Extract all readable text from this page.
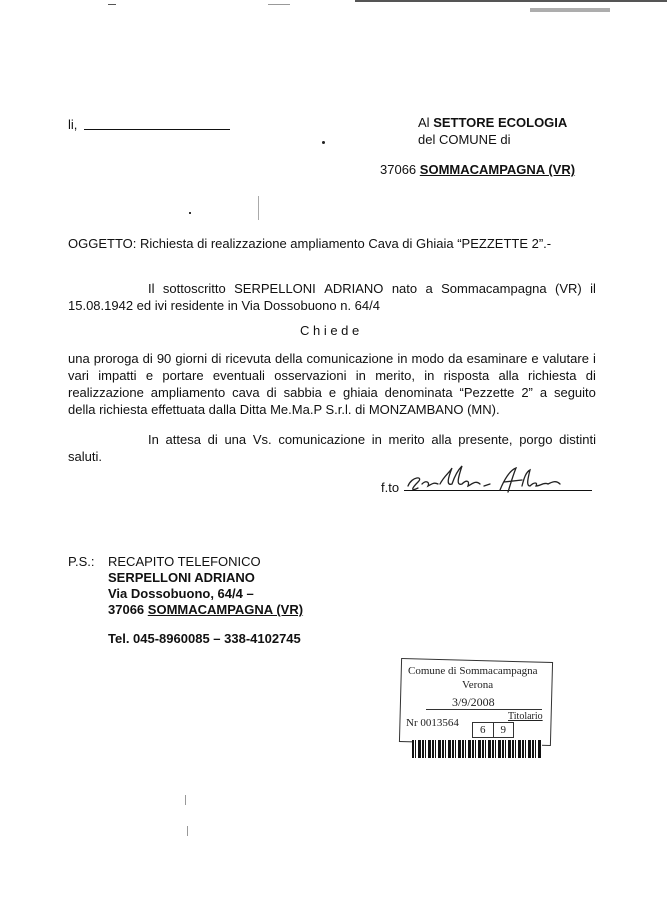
li,	Al SETTORE ECOLOGIA
del COMUNE di
37066 SOMMACAMPAGNA (VR)
OGGETTO: Richiesta di realizzazione ampliamento Cava di Ghiaia “PEZZETTE 2”.-
Il sottoscritto SERPELLONI ADRIANO nato a Sommacampagna (VR) il
15.08.1942 ed ivi residente in Via Dossobuono n. 64/4
C h i e d e
una proroga di 90 giorni di ricevuta della comunicazione in modo da esaminare e valutare i
vari impatti e portare eventuali osservazioni in merito, in risposta alla richiesta di
realizzazione ampliamento cava di sabbia e ghiaia denominata “Pezzette 2” a seguito
della richiesta effettuata dalla Ditta Me.Ma.P S.r.l. di MONZAMBANO (MN).
In attesa di una Vs. comunicazione in merito alla presente, porgo distinti
saluti.
f.to
P.S.: RECAPITO TELEFONICO
SERPELLONI ADRIANO
Via Dossobuono, 64/4 –
37066 SOMMACAMPAGNA (VR)
Tel. 045-8960085 – 338-4102745
Comune di Sommacampagna
Verona
3/9/2008
Nr 0013564
Titolario
6	9
